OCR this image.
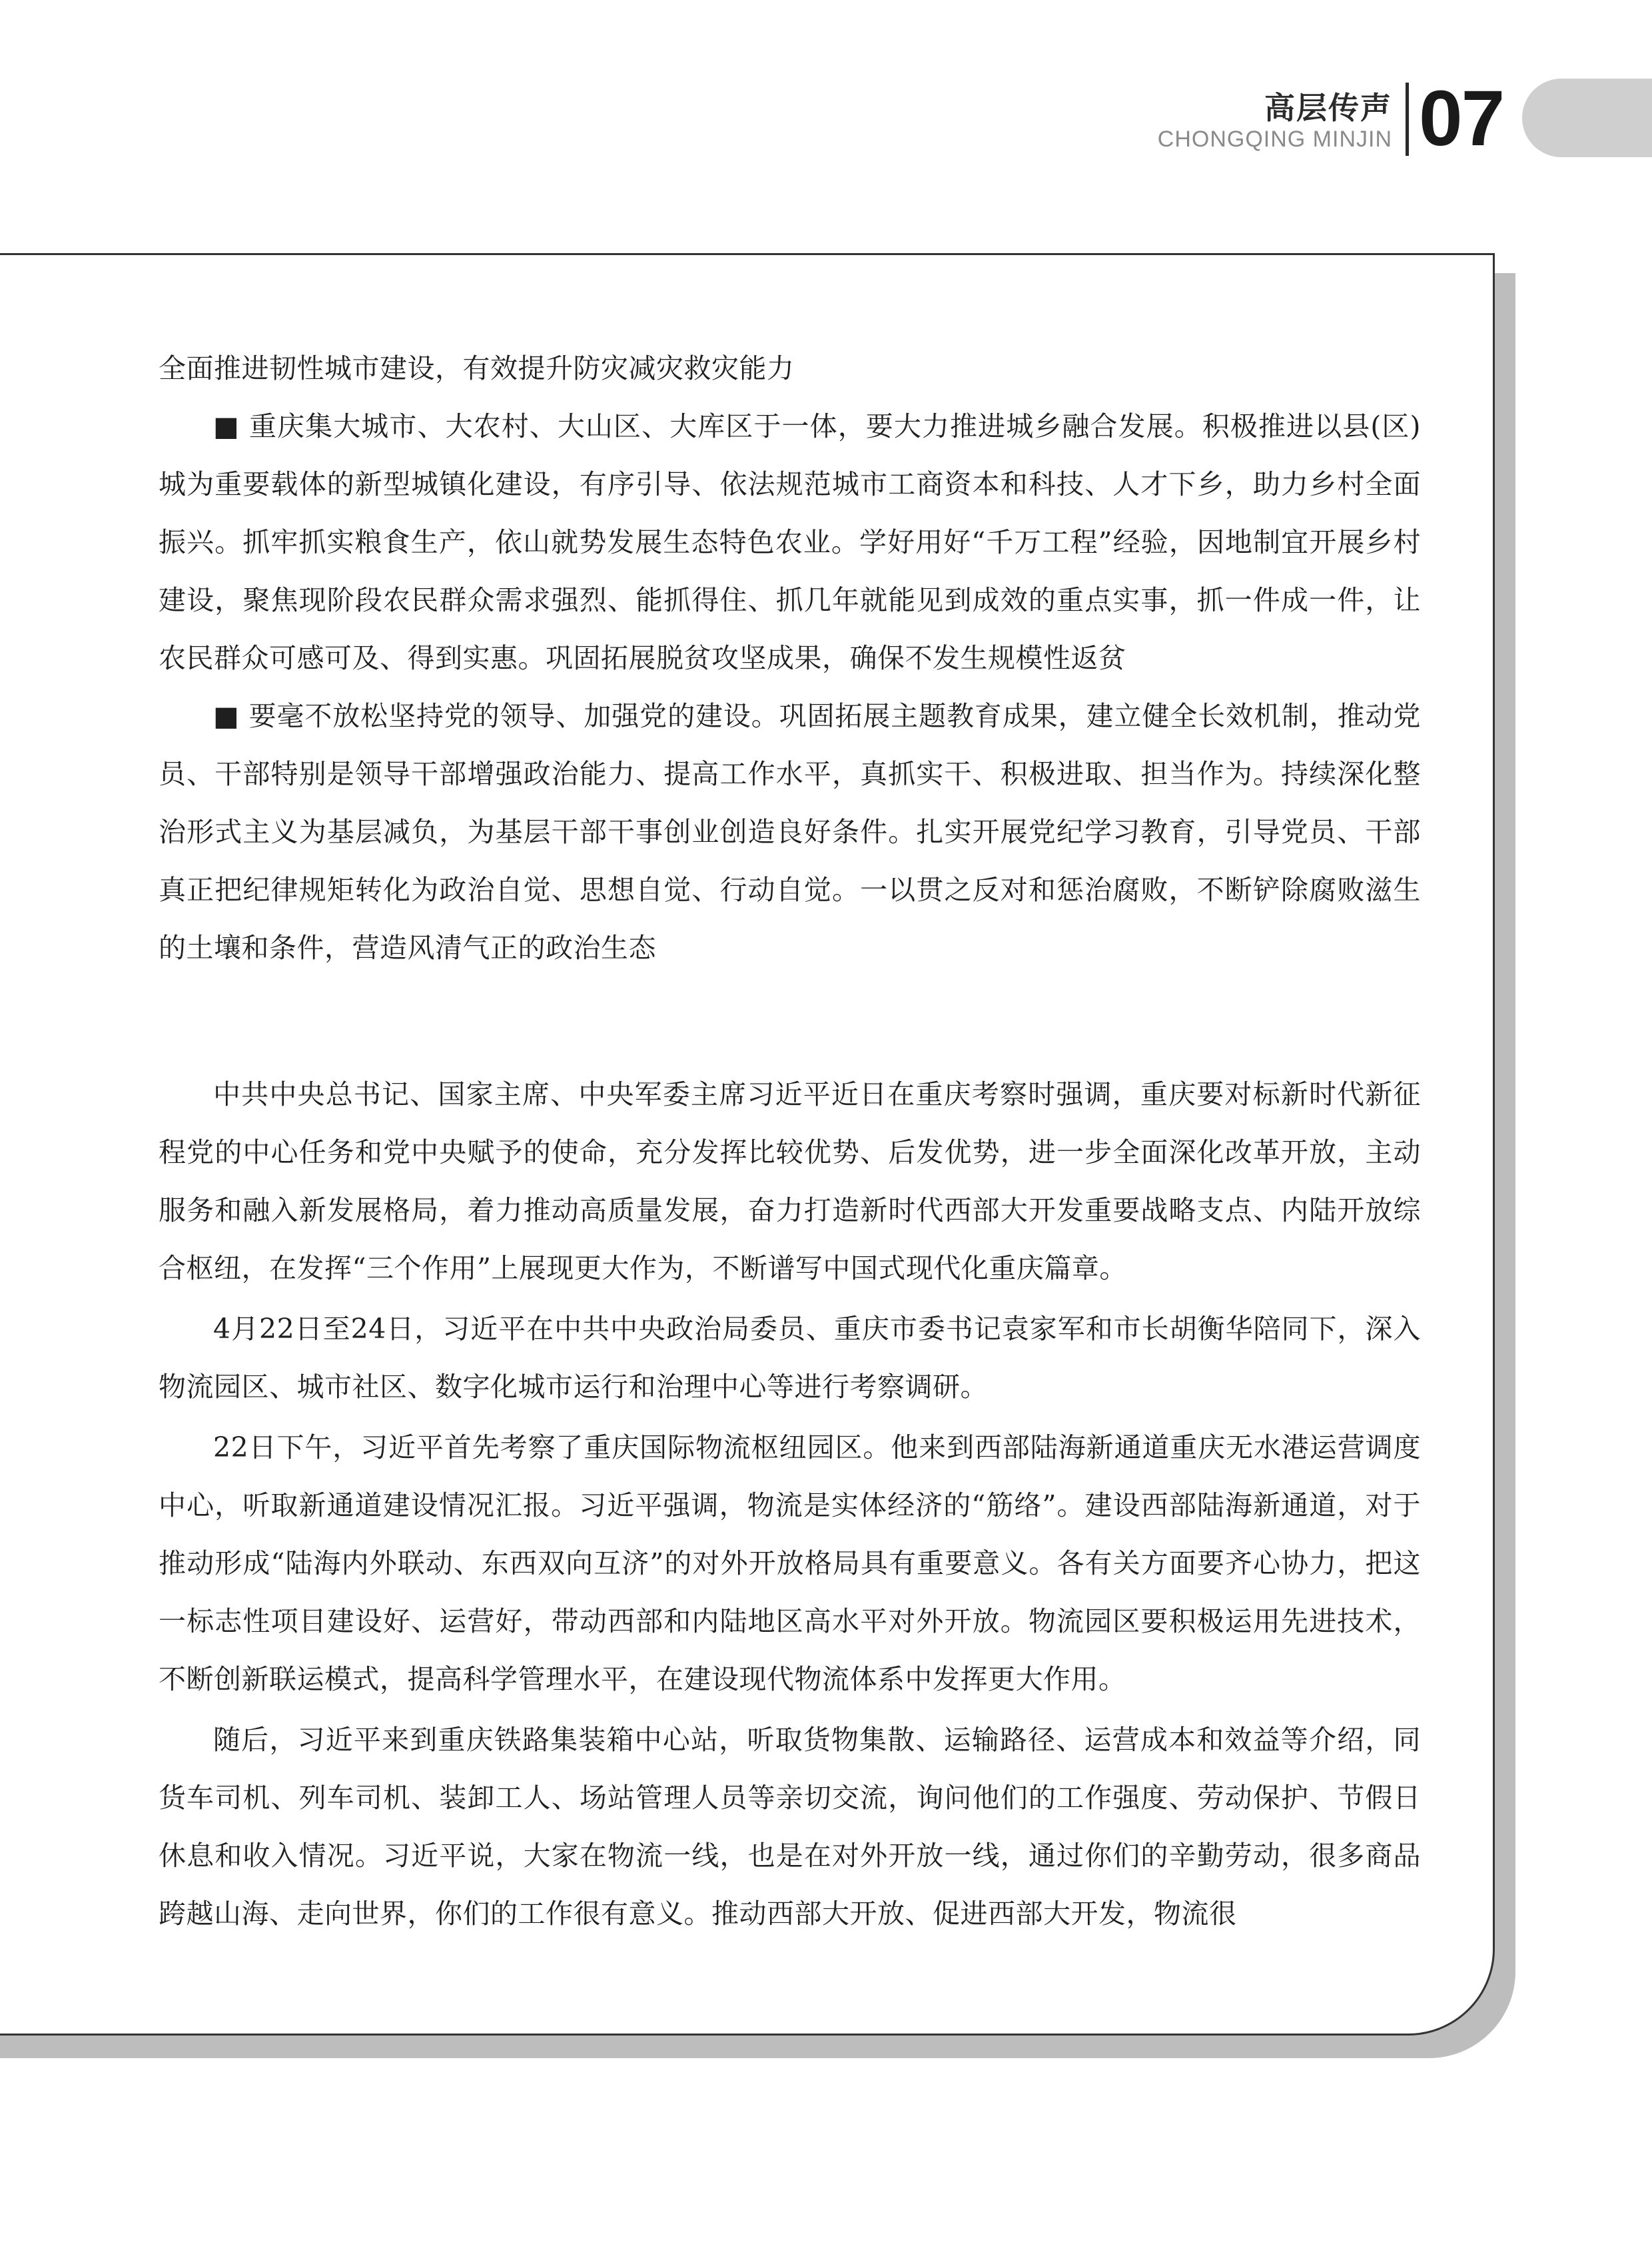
高层传声
CHONGQING MINJIN 07

全面推进韧性城市建设，有效提升防灾减灾救灾能力

■ 重庆集大城市、大农村、大山区、大库区于一体，要大力推进城乡融合发展。积极推进以县(区)城为重要载体的新型城镇化建设，有序引导、依法规范城市工商资本和科技、人才下乡，助力乡村全面振兴。抓牢抓实粮食生产，依山就势发展生态特色农业。学好用好“千万工程”经验，因地制宜开展乡村建设，聚焦现阶段农民群众需求强烈、能抓得住、抓几年就能见到成效的重点实事，抓一件成一件，让农民群众可感可及、得到实惠。巩固拓展脱贫攻坚成果，确保不发生规模性返贫

■ 要毫不放松坚持党的领导、加强党的建设。巩固拓展主题教育成果，建立健全长效机制，推动党员、干部特别是领导干部增强政治能力、提高工作水平，真抓实干、积极进取、担当作为。持续深化整治形式主义为基层减负，为基层干部干事创业创造良好条件。扎实开展党纪学习教育，引导党员、干部真正把纪律规矩转化为政治自觉、思想自觉、行动自觉。一以贯之反对和惩治腐败，不断铲除腐败滋生的土壤和条件，营造风清气正的政治生态

中共中央总书记、国家主席、中央军委主席习近平近日在重庆考察时强调，重庆要对标新时代新征程党的中心任务和党中央赋予的使命，充分发挥比较优势、后发优势，进一步全面深化改革开放，主动服务和融入新发展格局，着力推动高质量发展，奋力打造新时代西部大开发重要战略支点、内陆开放综合枢纽，在发挥“三个作用”上展现更大作为，不断谱写中国式现代化重庆篇章。

4月22日至24日，习近平在中共中央政治局委员、重庆市委书记袁家军和市长胡衡华陪同下，深入物流园区、城市社区、数字化城市运行和治理中心等进行考察调研。

22日下午，习近平首先考察了重庆国际物流枢纽园区。他来到西部陆海新通道重庆无水港运营调度中心，听取新通道建设情况汇报。习近平强调，物流是实体经济的“筋络”。建设西部陆海新通道，对于推动形成“陆海内外联动、东西双向互济”的对外开放格局具有重要意义。各有关方面要齐心协力，把这一标志性项目建设好、运营好，带动西部和内陆地区高水平对外开放。物流园区要积极运用先进技术，不断创新联运模式，提高科学管理水平，在建设现代物流体系中发挥更大作用。

随后，习近平来到重庆铁路集装箱中心站，听取货物集散、运输路径、运营成本和效益等介绍，同货车司机、列车司机、装卸工人、场站管理人员等亲切交流，询问他们的工作强度、劳动保护、节假日休息和收入情况。习近平说，大家在物流一线，也是在对外开放一线，通过你们的辛勤劳动，很多商品跨越山海、走向世界，你们的工作很有意义。推动西部大开放、促进西部大开发，物流很
